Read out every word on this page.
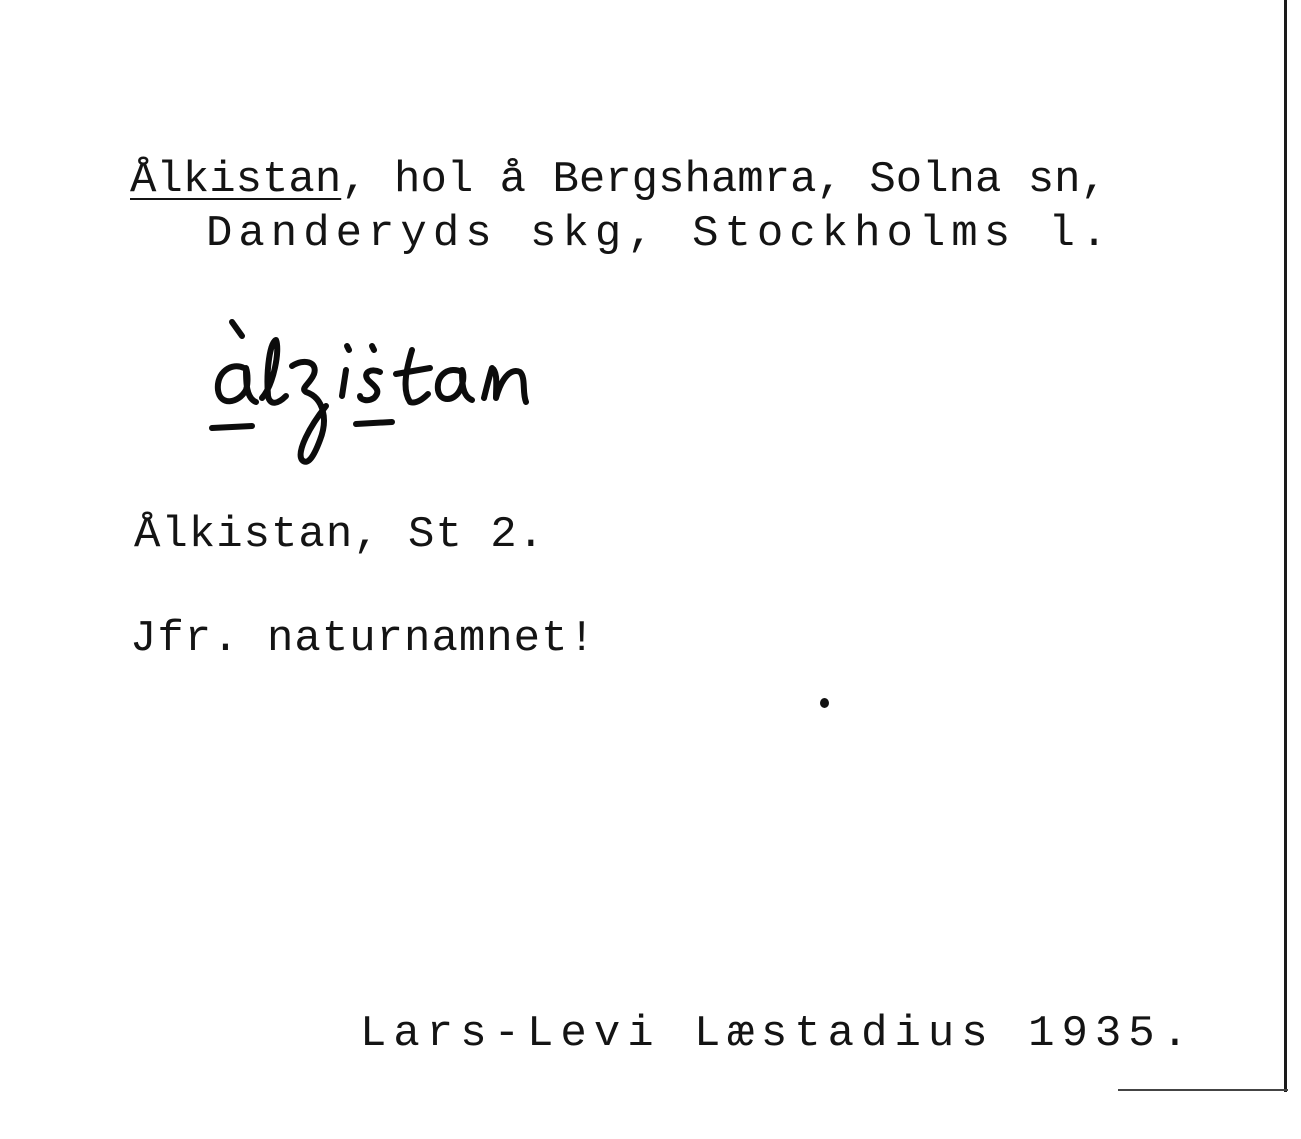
Ålkistan, hol å Bergshamra, Solna sn,
Danderyds skg, Stockholms l.
Ålkistan, St 2.
Jfr. naturnamnet!
Lars-Levi Læstadius 1935.
